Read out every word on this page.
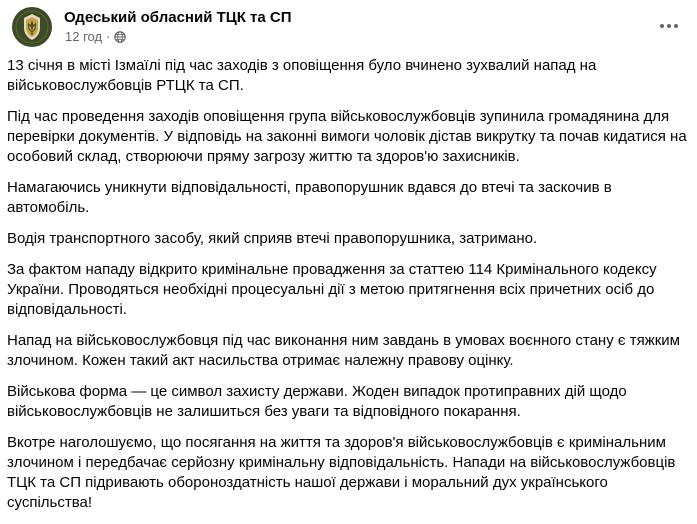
Одеський обласний ТЦК та СП
12 год ·

13 січня в місті Ізмаїлі під час заходів з оповіщення було вчинено зухвалий напад на військовослужбовців РТЦК та СП.

Під час проведення заходів оповіщення група військовослужбовців зупинила громадянина для перевірки документів. У відповідь на законні вимоги чоловік дістав викрутку та почав кидатися на особовий склад, створюючи пряму загрозу життю та здоров'ю захисників.

Намагаючись уникнути відповідальності, правопорушник вдався до втечі та заскочив в автомобіль.

Водія транспортного засобу, який сприяв втечі правопорушника, затримано.

За фактом нападу відкрито кримінальне провадження за статтею 114 Кримінального кодексу України. Проводяться необхідні процесуальні дії з метою притягнення всіх причетних осіб до відповідальності.

Напад на військовослужбовця під час виконання ним завдань в умовах воєнного стану є тяжким злочином. Кожен такий акт насильства отримає належну правову оцінку.

Військова форма — це символ захисту держави. Жоден випадок протиправних дій щодо військовослужбовців не залишиться без уваги та відповідного покарання.

Вкотре наголошуємо, що посягання на життя та здоров'я військовослужбовців є кримінальним злочином і передбачає серйозну кримінальну відповідальність. Напади на військовослужбовців ТЦК та СП підривають обороноздатність нашої держави і моральний дух українського суспільства!
